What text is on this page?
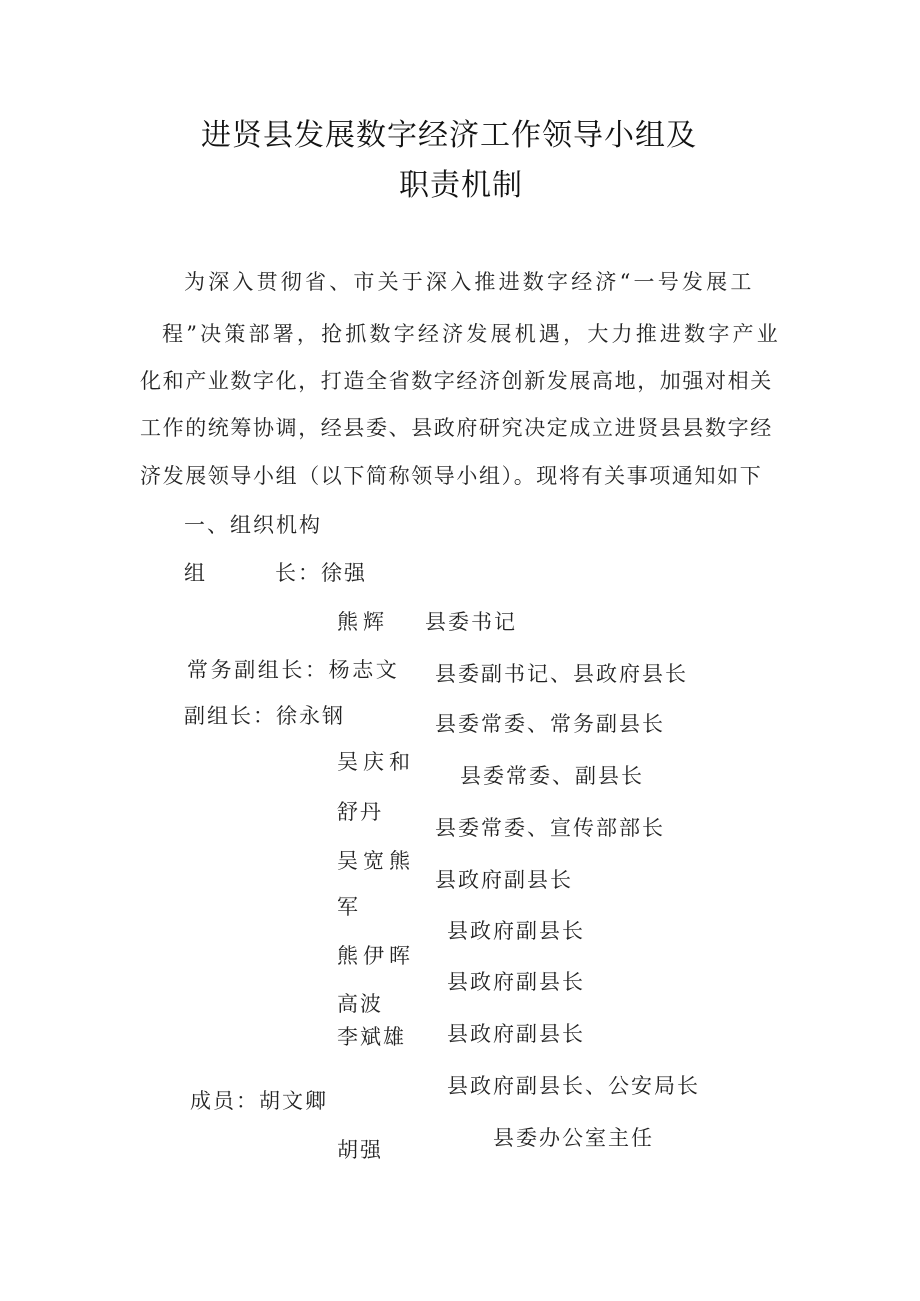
进贤县发展数字经济工作领导小组及
职责机制
为深入贯彻省、市关于深入推进数字经济“一号发展工
程”决策部署，抢抓数字经济发展机遇，大力推进数字产业
化和产业数字化，打造全省数字经济创新发展高地，加强对相关
工作的统筹协调，经县委、县政府研究决定成立进贤县县数字经
济发展领导小组（以下简称领导小组）。现将有关事项通知如下
一、组织机构
组	长：徐强
熊辉 县委书记
常务副组长：杨志文 县委副书记、县政府县长
副组长：徐永钢	县委常委、常务副县长
县委常委、副县长
县委常委、宣传部部长
县政府副县长
县政府副县长
县政府副县长
县政府副县长
县政府副县长、公安局长
吴庆和
舒丹
吴宽熊
军
熊伊晖
高波
李斌雄
成员：胡文卿
县委办公室主任
胡强
